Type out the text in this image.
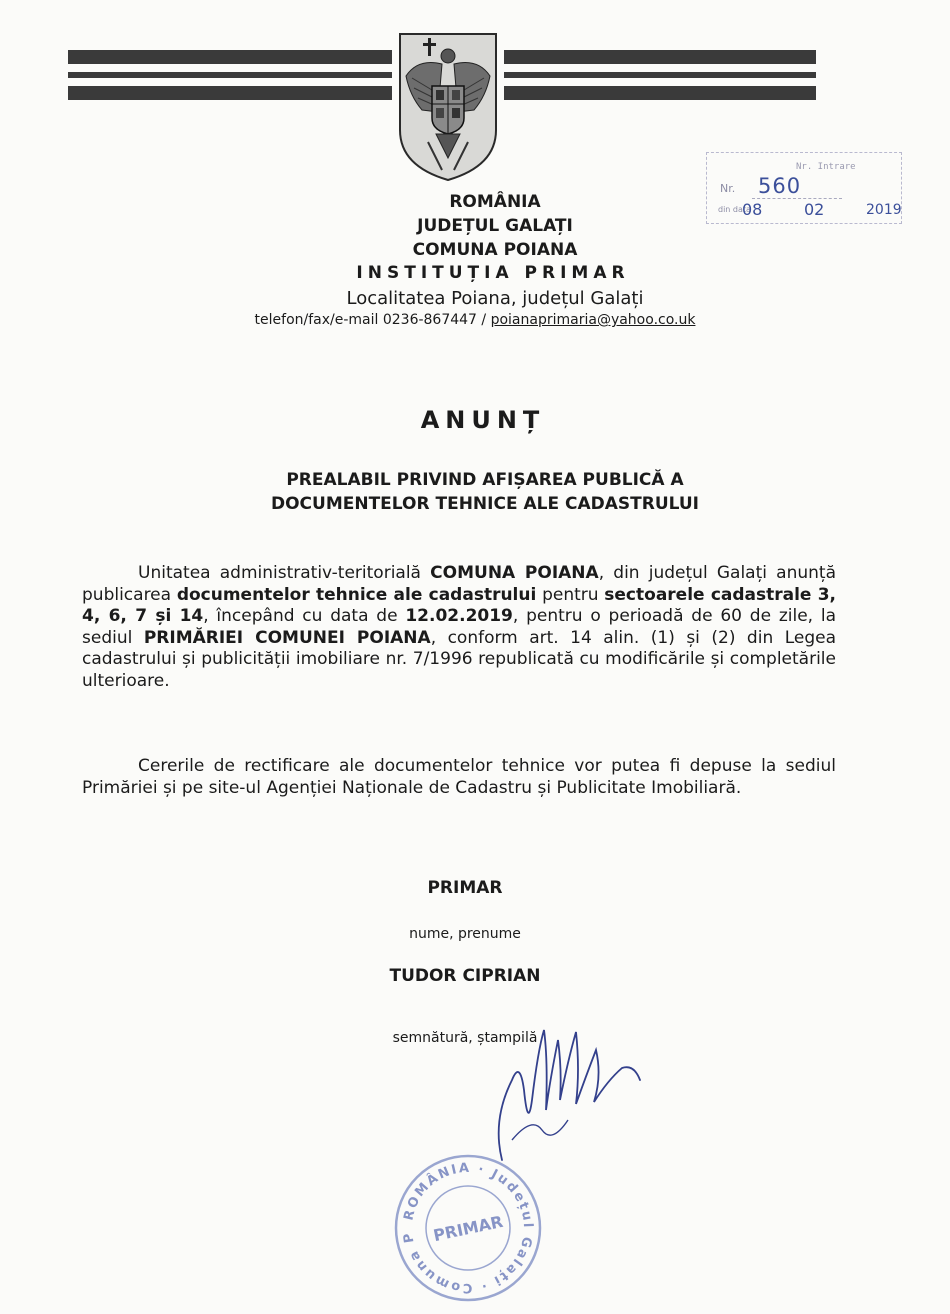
Nr. Intrare
Nr. 560
din data
08	02	2019
ROMÂNIA
JUDEȚUL GALAȚI
COMUNA POIANA
INSTITUȚIA PRIMAR
Localitatea Poiana, județul Galați
telefon/fax/e-mail 0236-867447 / poianaprimaria@yahoo.co.uk
ANUNȚ
PREALABIL PRIVIND AFIȘAREA PUBLICĂ A
DOCUMENTELOR TEHNICE ALE CADASTRULUI

Unitatea administrativ-teritorială COMUNA POIANA, din județul Galați anunță publicarea documentelor tehnice ale cadastrului pentru sectoarele cadastrale 3, 4, 6, 7 și 14, începând cu data de 12.02.2019, pentru o perioadă de 60 de zile, la sediul PRIMĂRIEI COMUNEI POIANA, conform art. 14 alin. (1) și (2) din Legea cadastrului și publicității imobiliare nr. 7/1996 republicată cu modificările și completările ulterioare.

Cererile de rectificare ale documentelor tehnice vor putea fi depuse la sediul Primăriei și pe site-ul Agenției Naționale de Cadastru și Publicitate Imobiliară.

PRIMAR
nume, prenume
TUDOR CIPRIAN
semnătură, ștampilă
ROMÂNIA · Județul Galați · Comuna P PRIMAR
